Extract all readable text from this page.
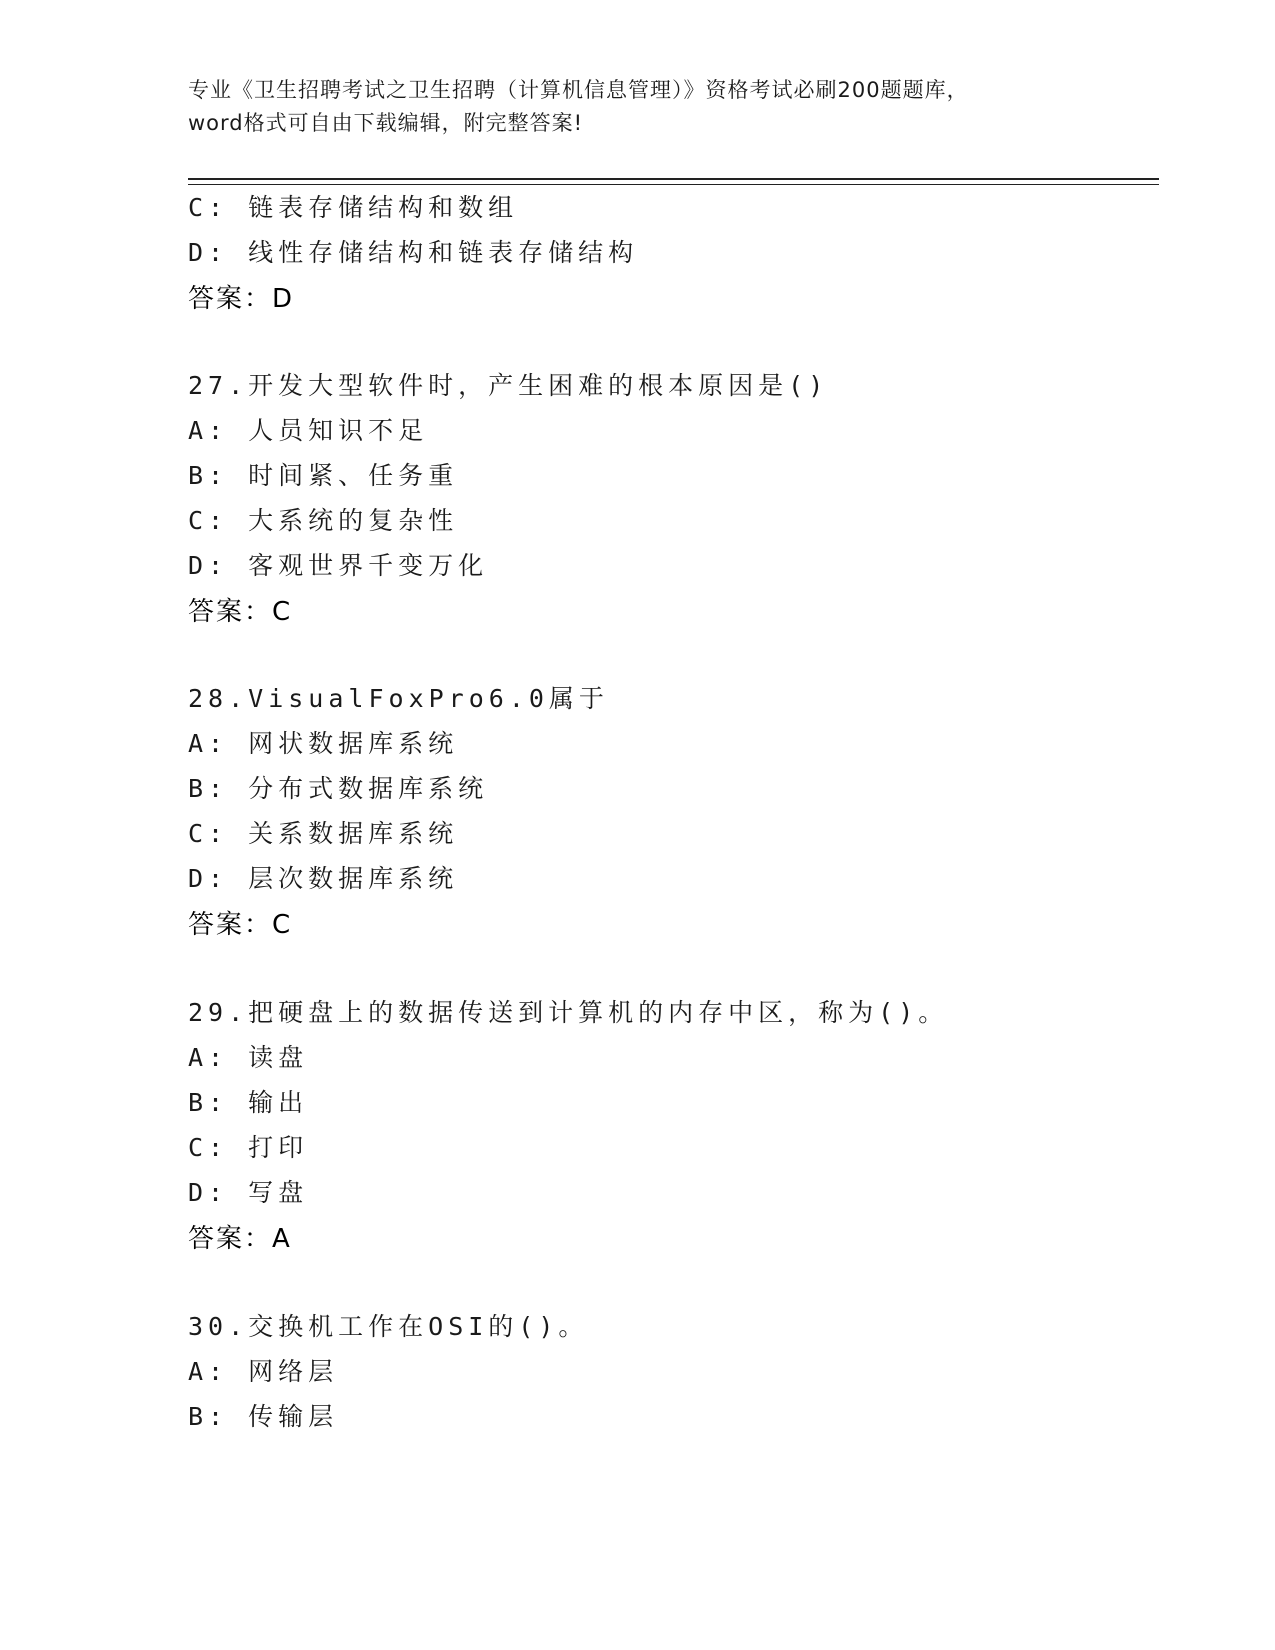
专业《卫生招聘考试之卫生招聘（计算机信息管理）》资格考试必刷200题题库，
word格式可自由下载编辑，附完整答案!
C: 链表存储结构和数组
D: 线性存储结构和链表存储结构
答案：D
27.开发大型软件时，产生困难的根本原因是()
A: 人员知识不足
B: 时间紧、任务重
C: 大系统的复杂性
D: 客观世界千变万化
答案：C
28.VisualFoxPro6.0属于
A: 网状数据库系统
B: 分布式数据库系统
C: 关系数据库系统
D: 层次数据库系统
答案：C
29.把硬盘上的数据传送到计算机的内存中区，称为()。
A: 读盘
B: 输出
C: 打印
D: 写盘
答案：A
30.交换机工作在OSI的()。
A: 网络层
B: 传输层
